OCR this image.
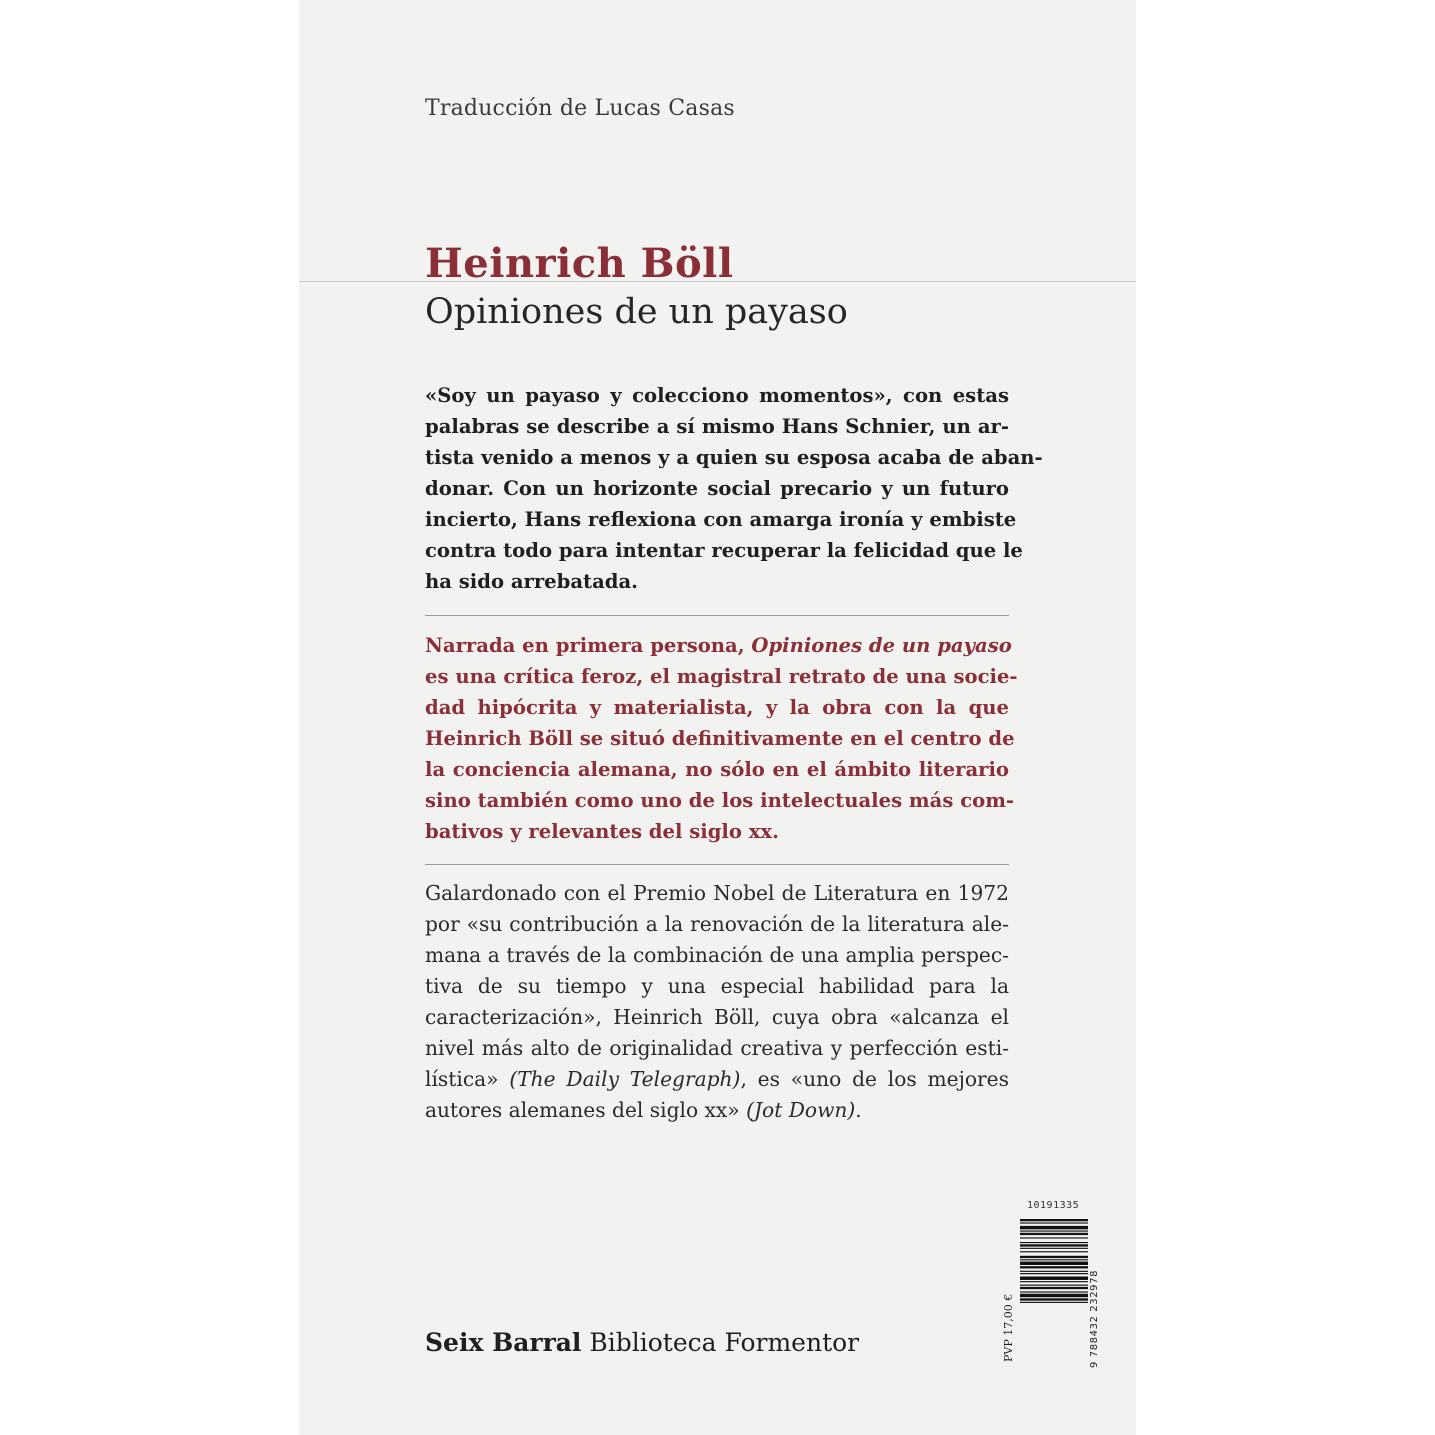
Traducción de Lucas Casas
Heinrich Böll
Opiniones de un payaso
«Soy un payaso y colecciono momentos», con estas
palabras se describe a sí mismo Hans Schnier, un ar-
tista venido a menos y a quien su esposa acaba de aban-
donar. Con un horizonte social precario y un futuro
incierto, Hans reflexiona con amarga ironía y embiste
contra todo para intentar recuperar la felicidad que le
ha sido arrebatada.
Narrada en primera persona, Opiniones de un payaso
es una crítica feroz, el magistral retrato de una socie-
dad hipócrita y materialista, y la obra con la que
Heinrich Böll se situó definitivamente en el centro de
la conciencia alemana, no sólo en el ámbito literario
sino también como uno de los intelectuales más com-
bativos y relevantes del siglo xx.
Galardonado con el Premio Nobel de Literatura en 1972
por «su contribución a la renovación de la literatura ale-
mana a través de la combinación de una amplia perspec-
tiva de su tiempo y una especial habilidad para la
caracterización», Heinrich Böll, cuya obra «alcanza el
nivel más alto de originalidad creativa y perfección esti-
lística» (The Daily Telegraph), es «uno de los mejores
autores alemanes del siglo xx» (Jot Down).
Seix Barral Biblioteca Formentor
10191335
PVP 17,00 €	9 788432 232978
